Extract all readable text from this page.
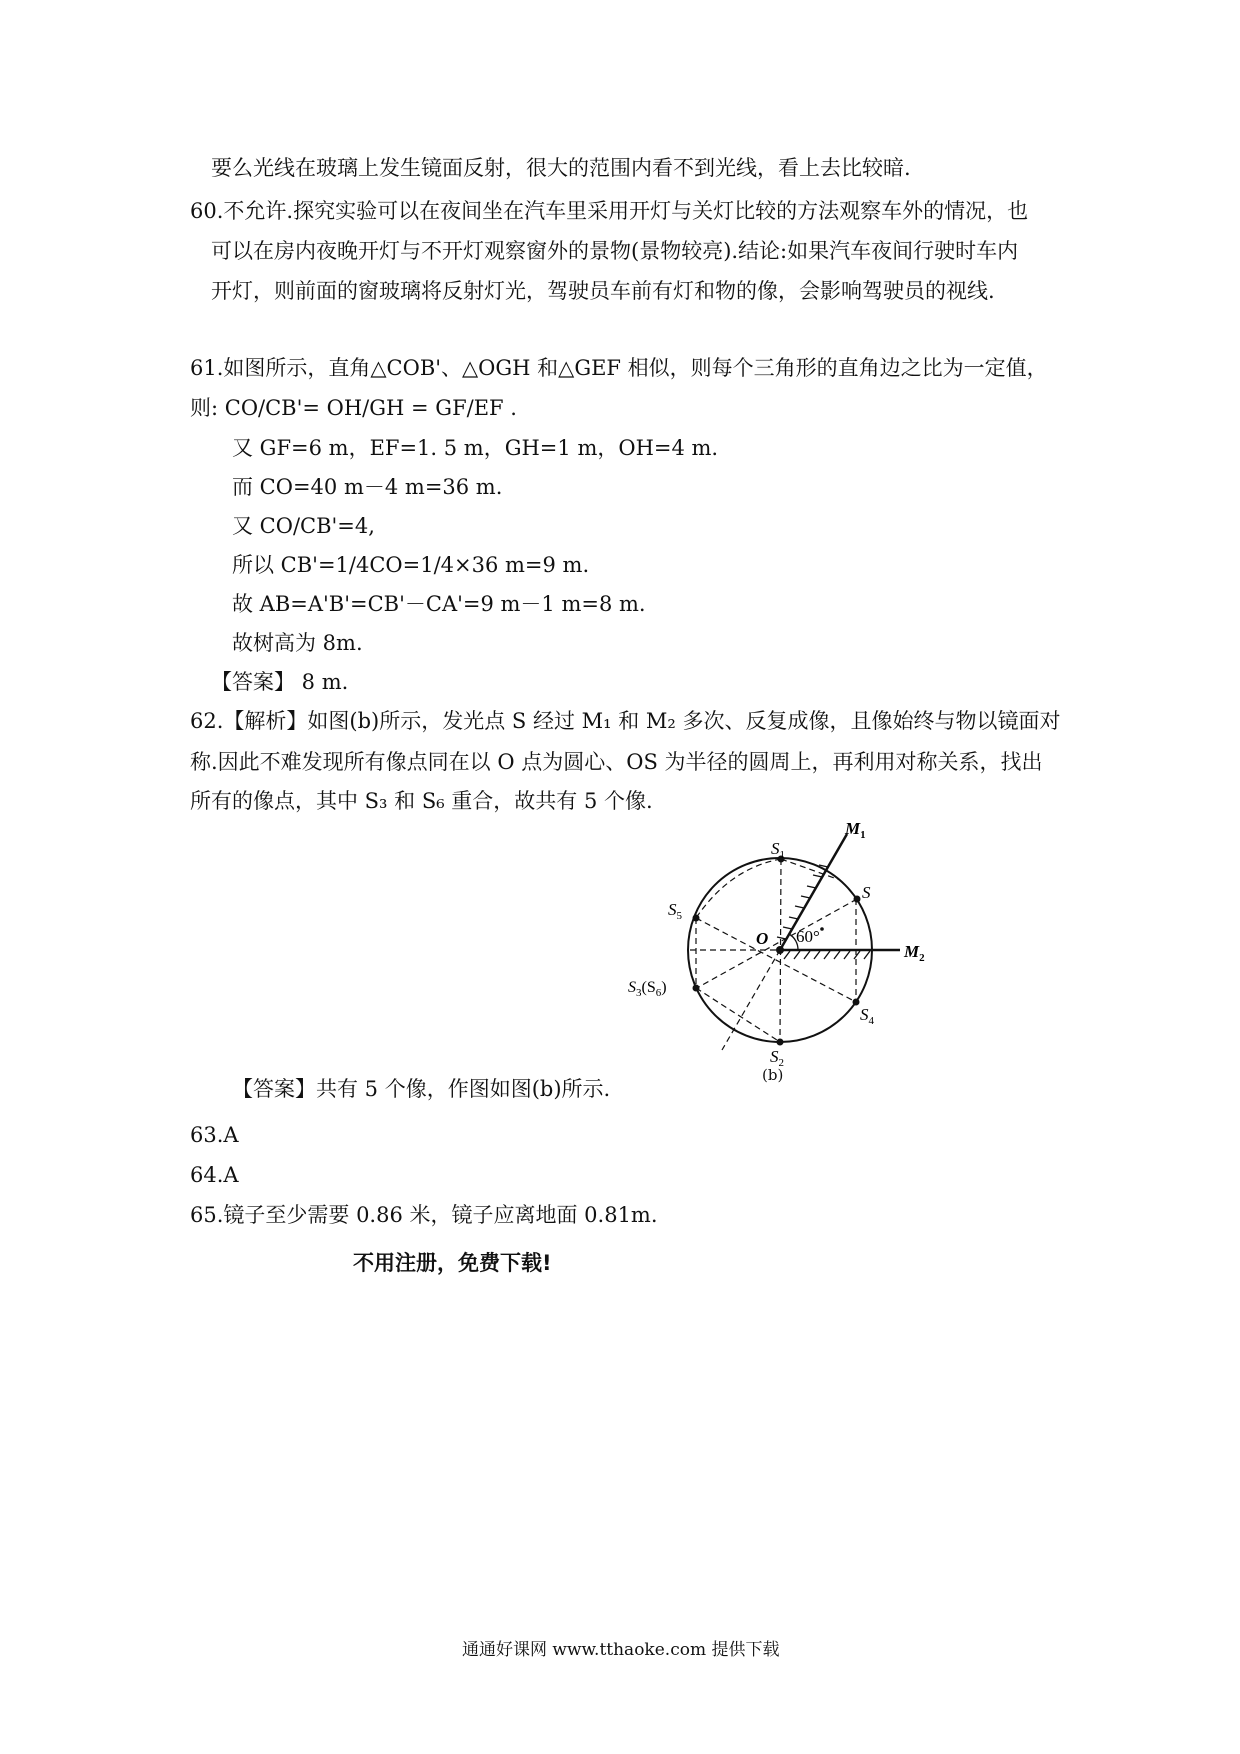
要么光线在玻璃上发生镜面反射，很大的范围内看不到光线，看上去比较暗.
60.不允许.探究实验可以在夜间坐在汽车里采用开灯与关灯比较的方法观察车外的情况，也
可以在房内夜晚开灯与不开灯观察窗外的景物(景物较亮).结论:如果汽车夜间行驶时车内
开灯，则前面的窗玻璃将反射灯光，驾驶员车前有灯和物的像，会影响驾驶员的视线.
61.如图所示，直角△COB'、△OGH 和△GEF 相似，则每个三角形的直角边之比为一定值，
则: CO/CB'= OH/GH = GF/EF .
又 GF=6 m，EF=1. 5 m，GH=1 m，OH=4 m.
而 CO=40 m－4 m=36 m.
又 CO/CB'=4,
所以 CB'=1/4CO=1/4×36 m=9 m.
故 AB=A'B'=CB'－CA'=9 m－1 m=8 m.
故树高为 8m.
【答案】 8 m.
62.【解析】如图(b)所示，发光点 S 经过 M₁ 和 M₂ 多次、反复成像，且像始终与物以镜面对
称.因此不难发现所有像点同在以 O 点为圆心、OS 为半径的圆周上，再利用对称关系，找出
所有的像点，其中 S₃ 和 S₆ 重合，故共有 5 个像.
【答案】共有 5 个像，作图如图(b)所示.
63.A
64.A
65.镜子至少需要 0.86 米，镜子应离地面 0.81m.
不用注册，免费下载!
S
$S_1$
$S_2$
$S_4$
$S_5$
$S_3(S_6)$
O 60°
$M_1$
$M_2$
(b)
通通好课网 www.tthaoke.com 提供下载
